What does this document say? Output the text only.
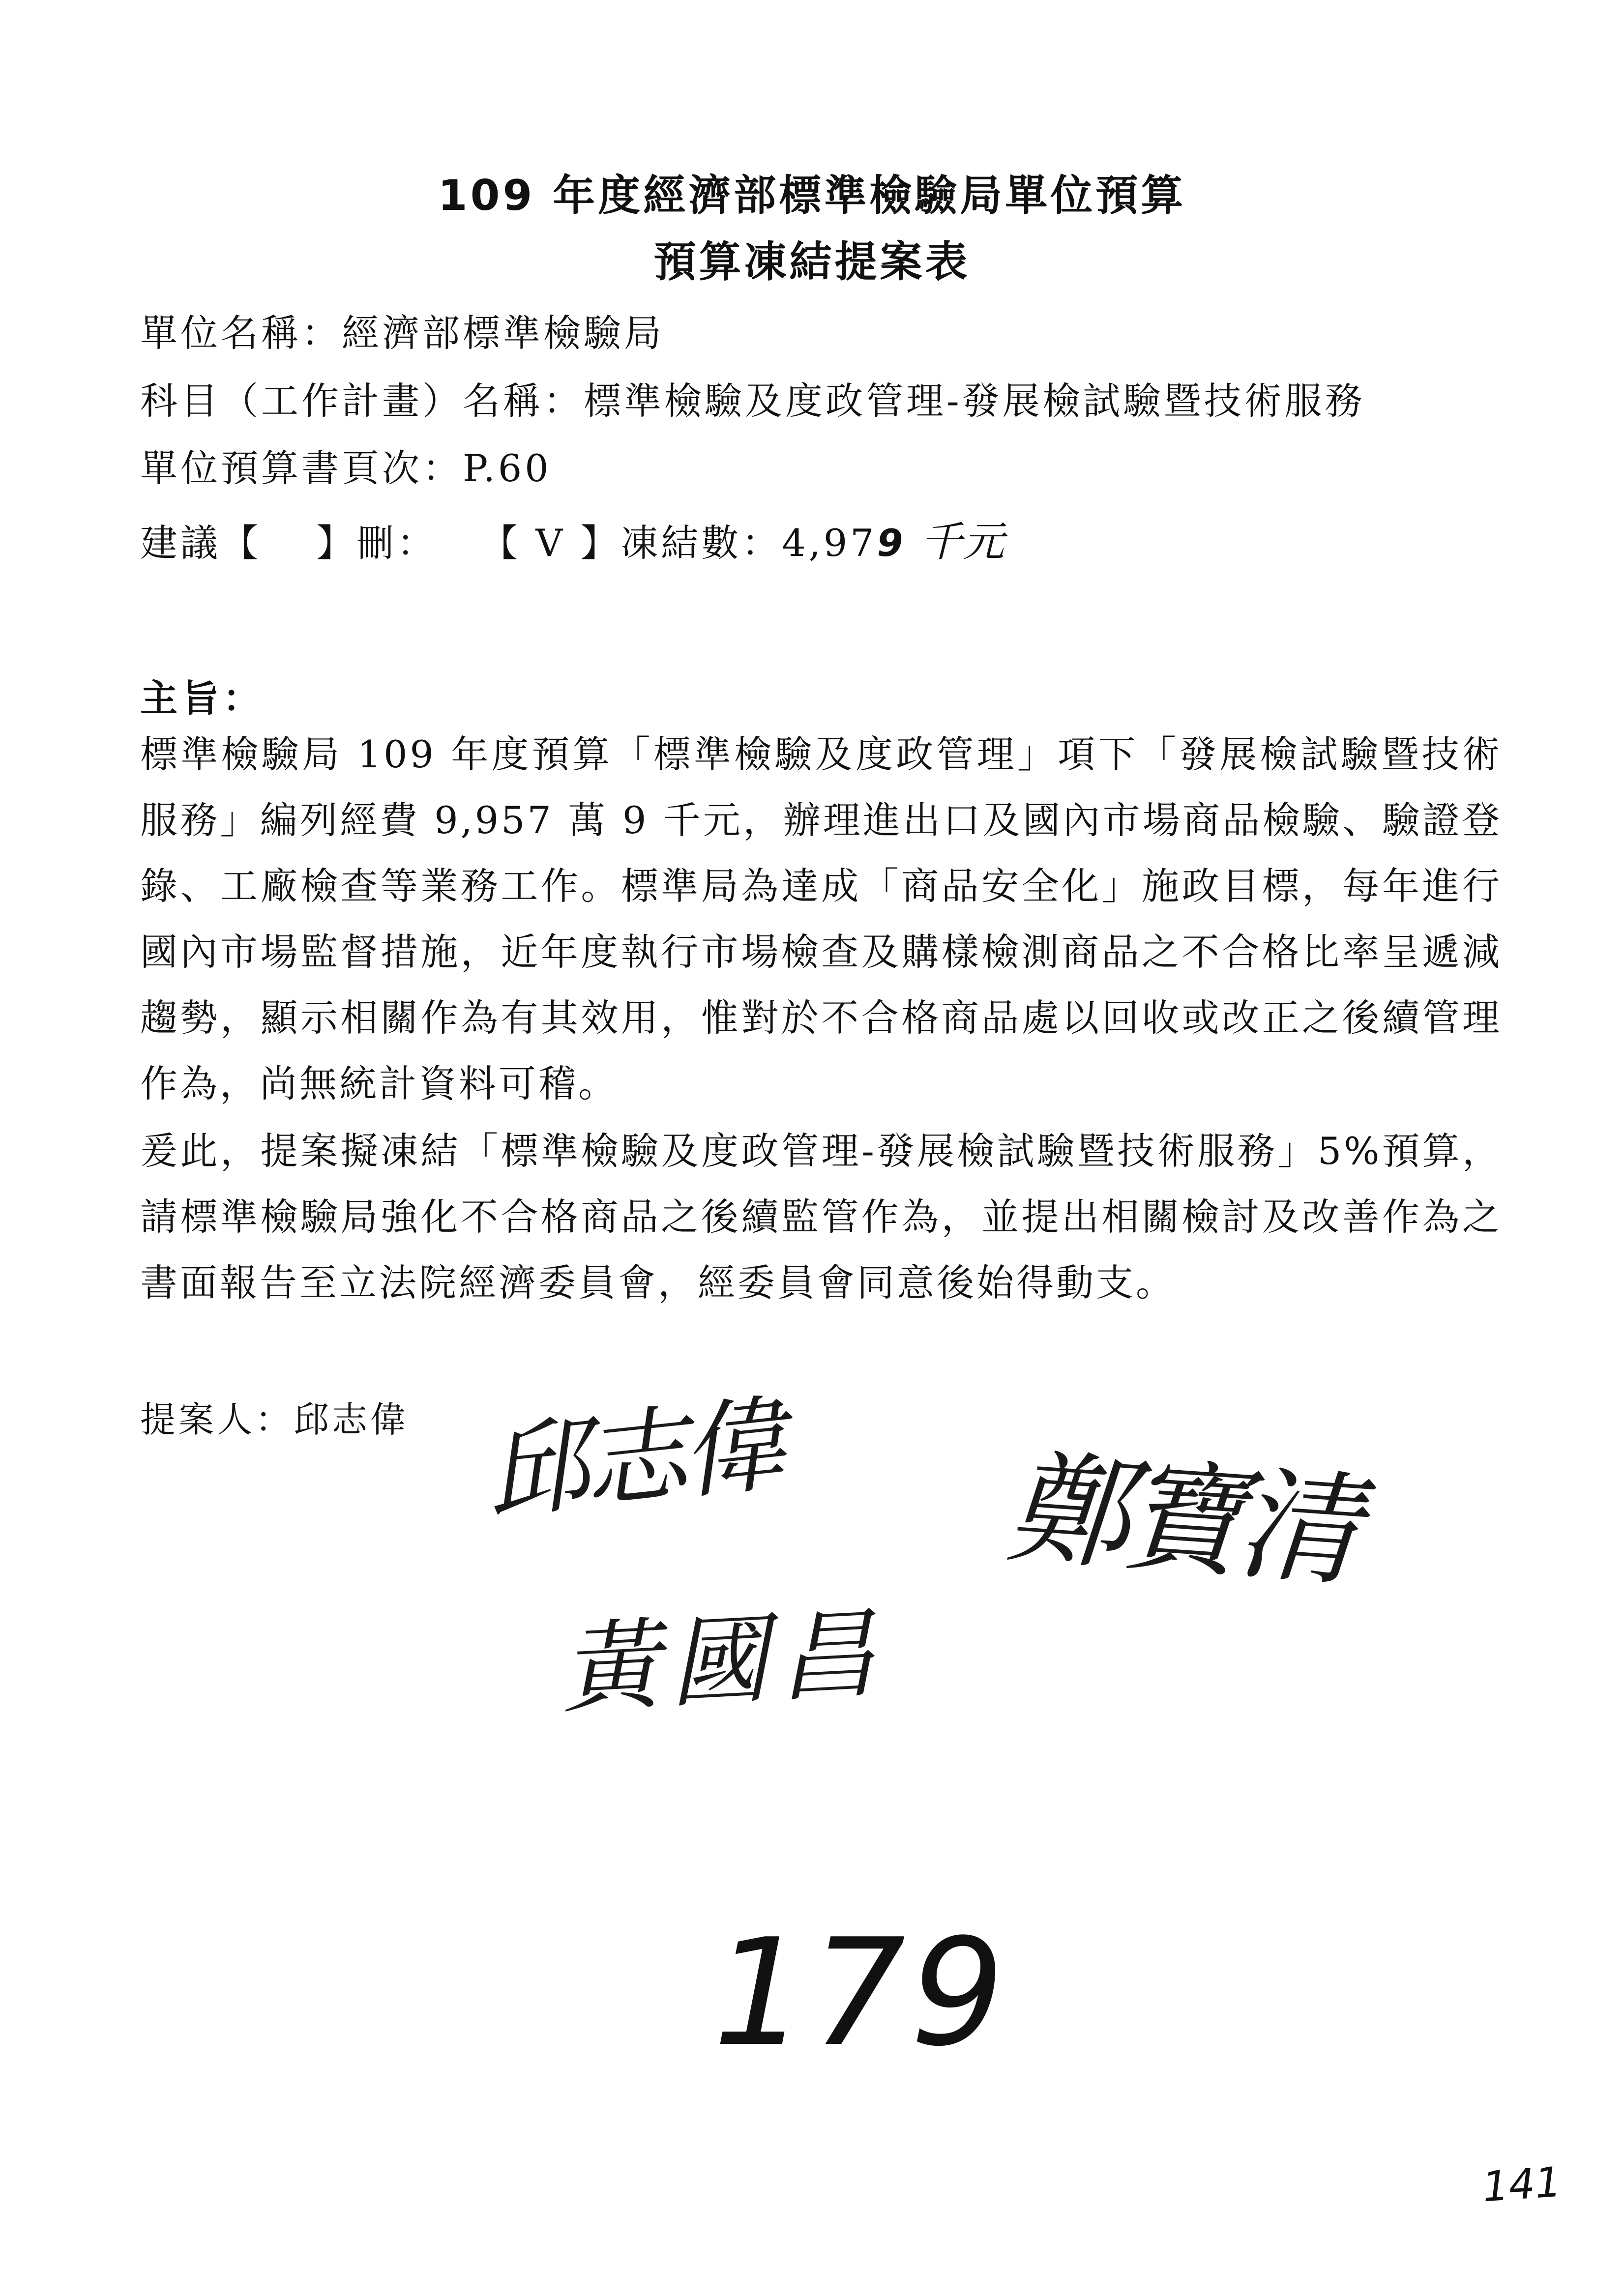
109 年度經濟部標準檢驗局單位預算
預算凍結提案表
單位名稱：經濟部標準檢驗局
科目（工作計畫）名稱：標準檢驗及度政管理-發展檢試驗暨技術服務
單位預算書頁次：P.60
建議【　 】刪：　　【 V 】凍結數：4,979 千元
主旨：

標準檢驗局 109 年度預算「標準檢驗及度政管理」項下「發展檢試驗暨技術服務」編列經費 9,957 萬 9 千元，辦理進出口及國內市場商品檢驗、驗證登錄、工廠檢查等業務工作。標準局為達成「商品安全化」施政目標，每年進行國內市場監督措施，近年度執行市場檢查及購樣檢測商品之不合格比率呈遞減趨勢，顯示相關作為有其效用，惟對於不合格商品處以回收或改正之後續管理作為，尚無統計資料可稽。

爰此，提案擬凍結「標準檢驗及度政管理-發展檢試驗暨技術服務」5%預算，請標準檢驗局強化不合格商品之後續監管作為，並提出相關檢討及改善作為之書面報告至立法院經濟委員會，經委員會同意後始得動支。

提案人：邱志偉 邱志偉 鄭寶清
黃國昌
179
141
